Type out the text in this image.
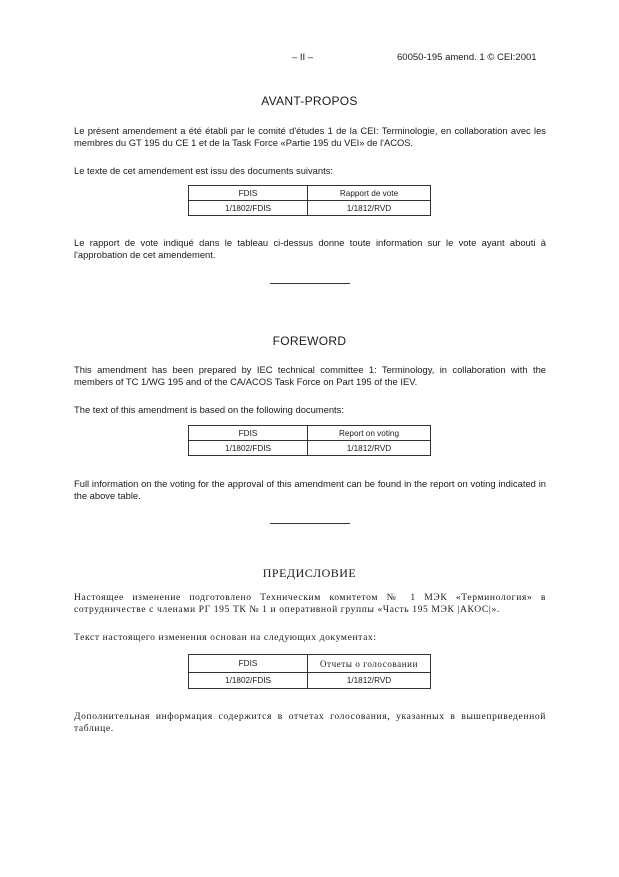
– II –	60050-195 amend. 1 © CEI:2001
AVANT-PROPOS
Le présent amendement a été établi par le comité d'études 1 de la CEI: Terminologie, en collaboration avec les membres du GT 195 du CE 1 et de la Task Force «Partie 195 du VEI» de l'ACOS.
Le texte de cet amendement est issu des documents suivants:
FDIS	Rapport de vote
1/1802/FDIS	1/1812/RVD
Le rapport de vote indiqué dans le tableau ci-dessus donne toute information sur le vote ayant abouti à l'approbation de cet amendement.
FOREWORD
This amendment has been prepared by IEC technical committee 1: Terminology, in collaboration with the members of TC 1/WG 195 and of the CA/ACOS Task Force on Part 195 of the IEV.
The text of this amendment is based on the following documents:
FDIS	Report on voting
1/1802/FDIS	1/1812/RVD
Full information on the voting for the approval of this amendment can be found in the report on voting indicated in the above table.
ПРЕДИСЛОВИЕ
Настоящее изменение подготовлено Техническим комитетом № 1 МЭК «Терминология» в сотрудничестве с членами РГ 195 ТК № 1 и оперативной группы «Часть 195 МЭК |АКОС|».
Текст настоящего изменения основан на следующих документах:
FDIS	Отчеты о голосовании
1/1802/FDIS	1/1812/RVD
Дополнительная информация содержится в отчетах голосования, указанных в вышеприведенной таблице.
